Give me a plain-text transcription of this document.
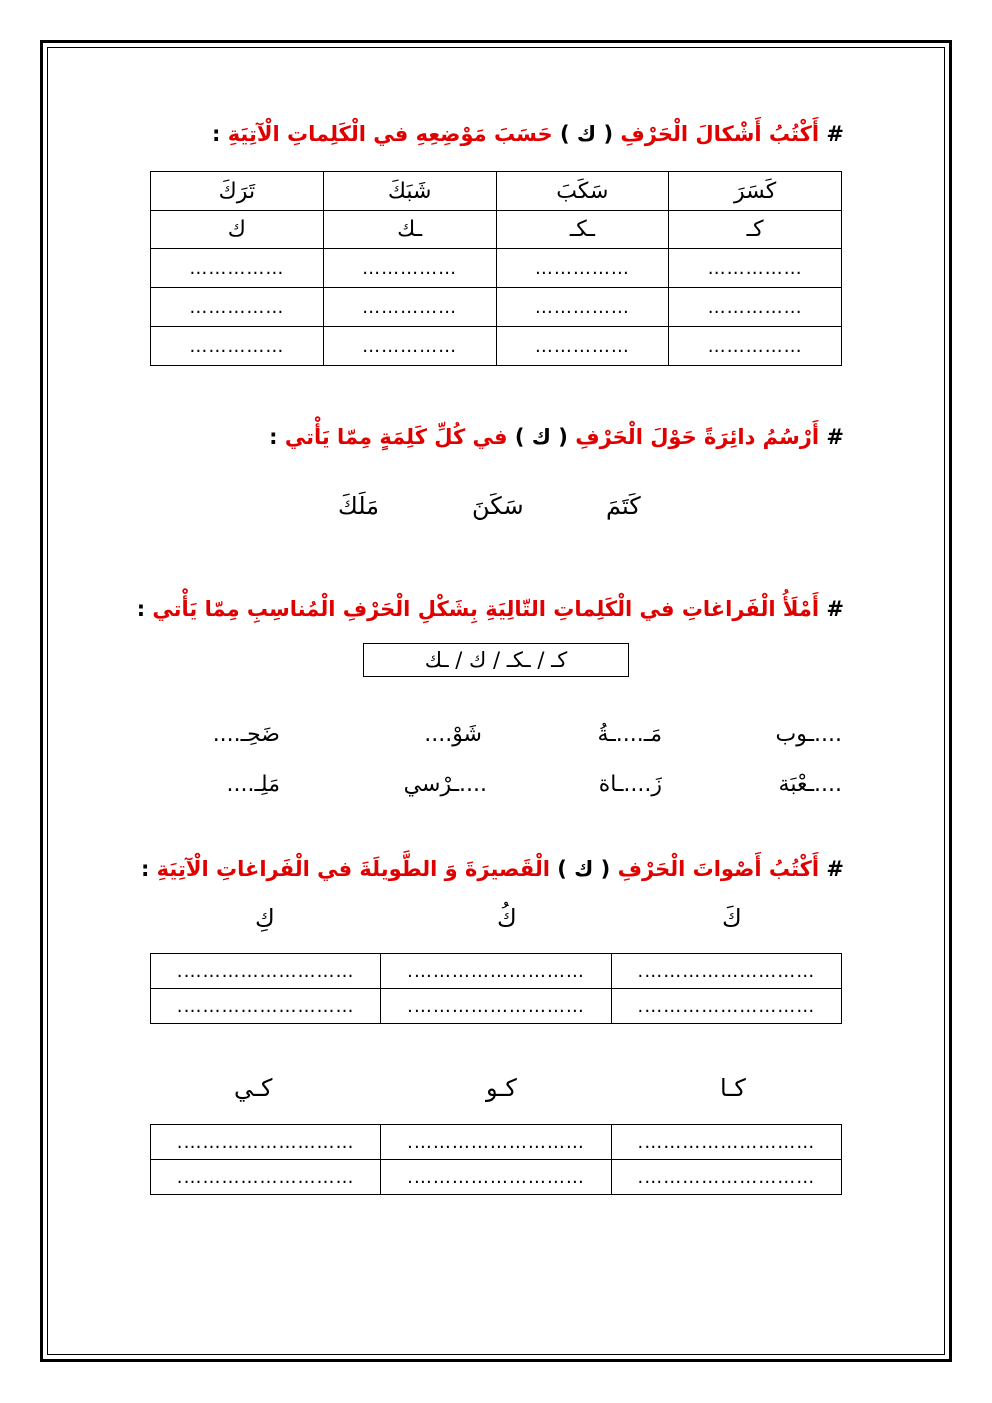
# أَكْتُبُ أَشْكالَ الْحَرْفِ ( ك ) حَسَبَ مَوْضِعِهِ في الْكَلِماتِ الْآتِيَةِ :
كَسَرَ	سَكَبَ	شَبَكَ	تَرَكَ
كـ	ـكـ	ـك	ك
……………	……………	……………	……………
……………	……………	……………	……………
……………	……………	……………	……………
# أَرْسُمُ دائِرَةً حَوْلَ الْحَرْفِ ( ك ) في كُلِّ كَلِمَةٍ مِمّا يَأْتي :
كَتَمَ
سَكَنَ
مَلَكَ
# أَمْلَأُ الْفَراغاتِ في الْكَلِماتِ التّالِيَةِ بِشَكْلِ الْحَرْفِ الْمُناسِبِ مِمّا يَأْتي :
كـ / ـكـ / ك / ـك
....ـوب
مَـ....ـةُ
شَوْ....
ضَحِـ....
....ـعْبَة
زَ....ـاة
....ـرْسي
مَلِـ....
# أَكْتُبُ أَصْواتَ الْحَرْفِ ( ك ) الْقَصيرَةَ وَ الطَّويلَةَ في الْفَراغاتِ الْآتِيَةِ :
كَ
كُ
كِ
……………………….	……………………….	……………………….
……………………….	……………………….	……………………….
كـا
كـو
كـي
……………………….	……………………….	……………………….
……………………….	……………………….	……………………….
